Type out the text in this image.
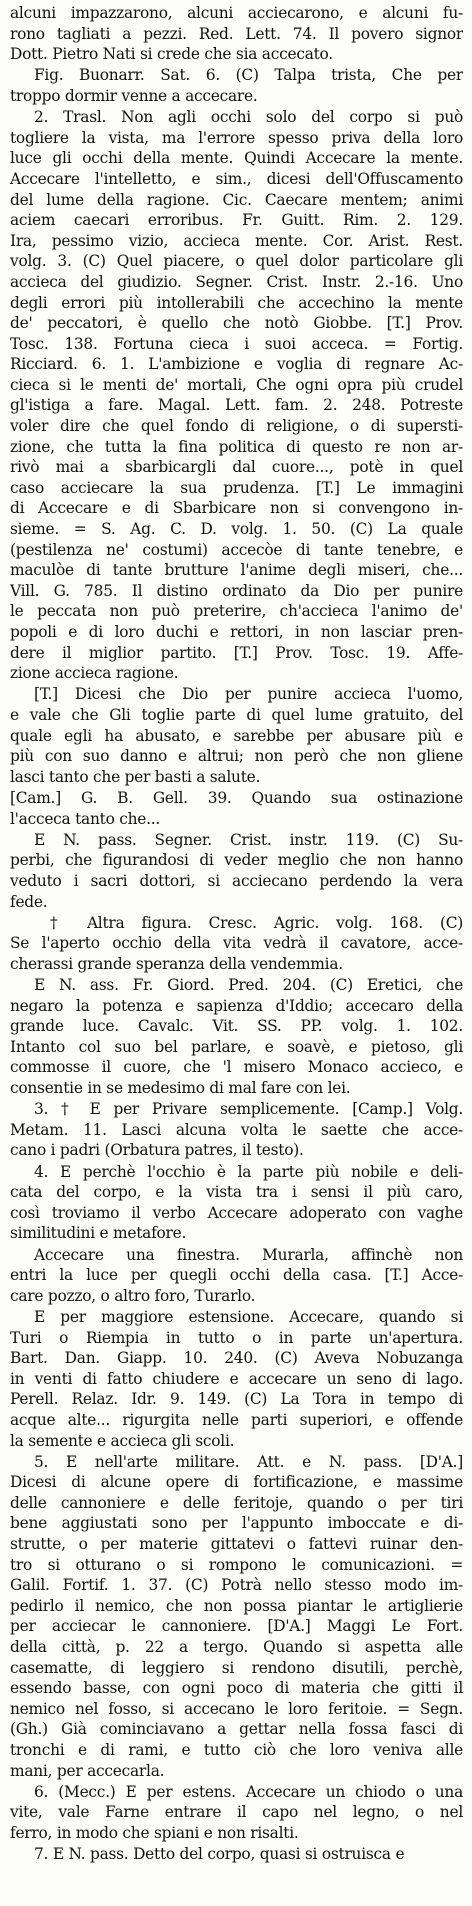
alcuni impazzarono, alcuni acciecarono, e alcuni fu-
rono tagliati a pezzi. Red. Lett. 74. Il povero signor
Dott. Pietro Nati si crede che sia accecato.
Fig. Buonarr. Sat. 6. (C) Talpa trista, Che per
troppo dormir venne a accecare.
2. Trasl. Non agli occhi solo del corpo si può
togliere la vista, ma l'errore spesso priva della loro
luce gli occhi della mente. Quindi Accecare la mente.
Accecare l'intelletto, e sim., dicesi dell'Offuscamento
del lume della ragione. Cic. Caecare mentem; animi
aciem caecari erroribus. Fr. Guitt. Rim. 2. 129.
Ira, pessimo vizio, accieca mente. Cor. Arist. Rest.
volg. 3. (C) Quel piacere, o quel dolor particolare gli
accieca del giudizio. Segner. Crist. Instr. 2.-16. Uno
degli errori più intollerabili che accechino la mente
de' peccatori, è quello che notò Giobbe. [T.] Prov.
Tosc. 138. Fortuna cieca i suoi acceca. = Fortig.
Ricciard. 6. 1. L'ambizione e voglia di regnare Ac-
cieca si le menti de' mortali, Che ogni opra più crudel
gl'istiga a fare. Magal. Lett. fam. 2. 248. Potreste
voler dire che quel fondo di religione, o di supersti-
zione, che tutta la fina politica di questo re non ar-
rivò mai a sbarbicargli dal cuore..., potè in quel
caso acciecare la sua prudenza. [T.] Le immagini
di Accecare e di Sbarbicare non si convengono in-
sieme. = S. Ag. C. D. volg. 1. 50. (C) La quale
(pestilenza ne' costumi) accecòe di tante tenebre, e
maculòe di tante brutture l'anime degli miseri, che...
Vill. G. 785. Il distino ordinato da Dio per punire
le peccata non può preterire, ch'accieca l'animo de'
popoli e di loro duchi e rettori, in non lasciar pren-
dere il miglior partito. [T.] Prov. Tosc. 19. Affe-
zione accieca ragione.
[T.] Dicesi che Dio per punire accieca l'uomo,
e vale che Gli toglie parte di quel lume gratuito, del
quale egli ha abusato, e sarebbe per abusare più e
più con suo danno e altrui; non però che non gliene
lasci tanto che per basti a salute.
[Cam.] G. B. Gell. 39. Quando sua ostinazione
l'acceca tanto che...
E N. pass. Segner. Crist. instr. 119. (C) Su-
perbi, che figurandosi di veder meglio che non hanno
veduto i sacri dottori, si acciecano perdendo la vera
fede.
† Altra figura. Cresc. Agric. volg. 168. (C)
Se l'aperto occhio della vita vedrà il cavatore, acce-
cherassi grande speranza della vendemmia.
E N. ass. Fr. Giord. Pred. 204. (C) Eretici, che
negaro la potenza e sapienza d'Iddio; accecaro della
grande luce. Cavalc. Vit. SS. PP. volg. 1. 102.
Intanto col suo bel parlare, e soavè, e pietoso, gli
commosse il cuore, che 'l misero Monaco accieco, e
consentie in se medesimo di mal fare con lei.
3. † E per Privare semplicemente. [Camp.] Volg.
Metam. 11. Lasci alcuna volta le saette che acce-
cano i padri (Orbatura patres, il testo).
4. E perchè l'occhio è la parte più nobile e deli-
cata del corpo, e la vista tra i sensi il più caro,
così troviamo il verbo Accecare adoperato con vaghe
similitudini e metafore.
Accecare una finestra. Murarla, affinchè non
entri la luce per quegli occhi della casa. [T.] Acce-
care pozzo, o altro foro, Turarlo.
E per maggiore estensione. Accecare, quando si
Turi o Riempia in tutto o in parte un'apertura.
Bart. Dan. Giapp. 10. 240. (C) Aveva Nobuzanga
in venti di fatto chiudere e accecare un seno di lago.
Perell. Relaz. Idr. 9. 149. (C) La Tora in tempo di
acque alte... rigurgita nelle parti superiori, e offende
la semente e accieca gli scoli.
5. E nell'arte militare. Att. e N. pass. [D'A.]
Dicesi di alcune opere di fortificazione, e massime
delle cannoniere e delle feritoje, quando o per tiri
bene aggiustati sono per l'appunto imboccate e di-
strutte, o per materie gittatevi o fattevi ruinar den-
tro si otturano o si rompono le comunicazioni. =
Galil. Fortif. 1. 37. (C) Potrà nello stesso modo im-
pedirlo il nemico, che non possa piantar le artiglierie
per acciecar le cannoniere. [D'A.] Maggi Le Fort.
della città, p. 22 a tergo. Quando si aspetta alle
casematte, di leggiero si rendono disutili, perchè,
essendo basse, con ogni poco di materia che gitti il
nemico nel fosso, si accecano le loro feritoie. = Segn.
(Gh.) Già cominciavano a gettar nella fossa fasci di
tronchi e di rami, e tutto ciò che loro veniva alle
mani, per accecarla.
6. (Mecc.) E per estens. Accecare un chiodo o una
vite, vale Farne entrare il capo nel legno, o nel
ferro, in modo che spiani e non risalti.
7. E N. pass. Detto del corpo, quasi si ostruisca e
